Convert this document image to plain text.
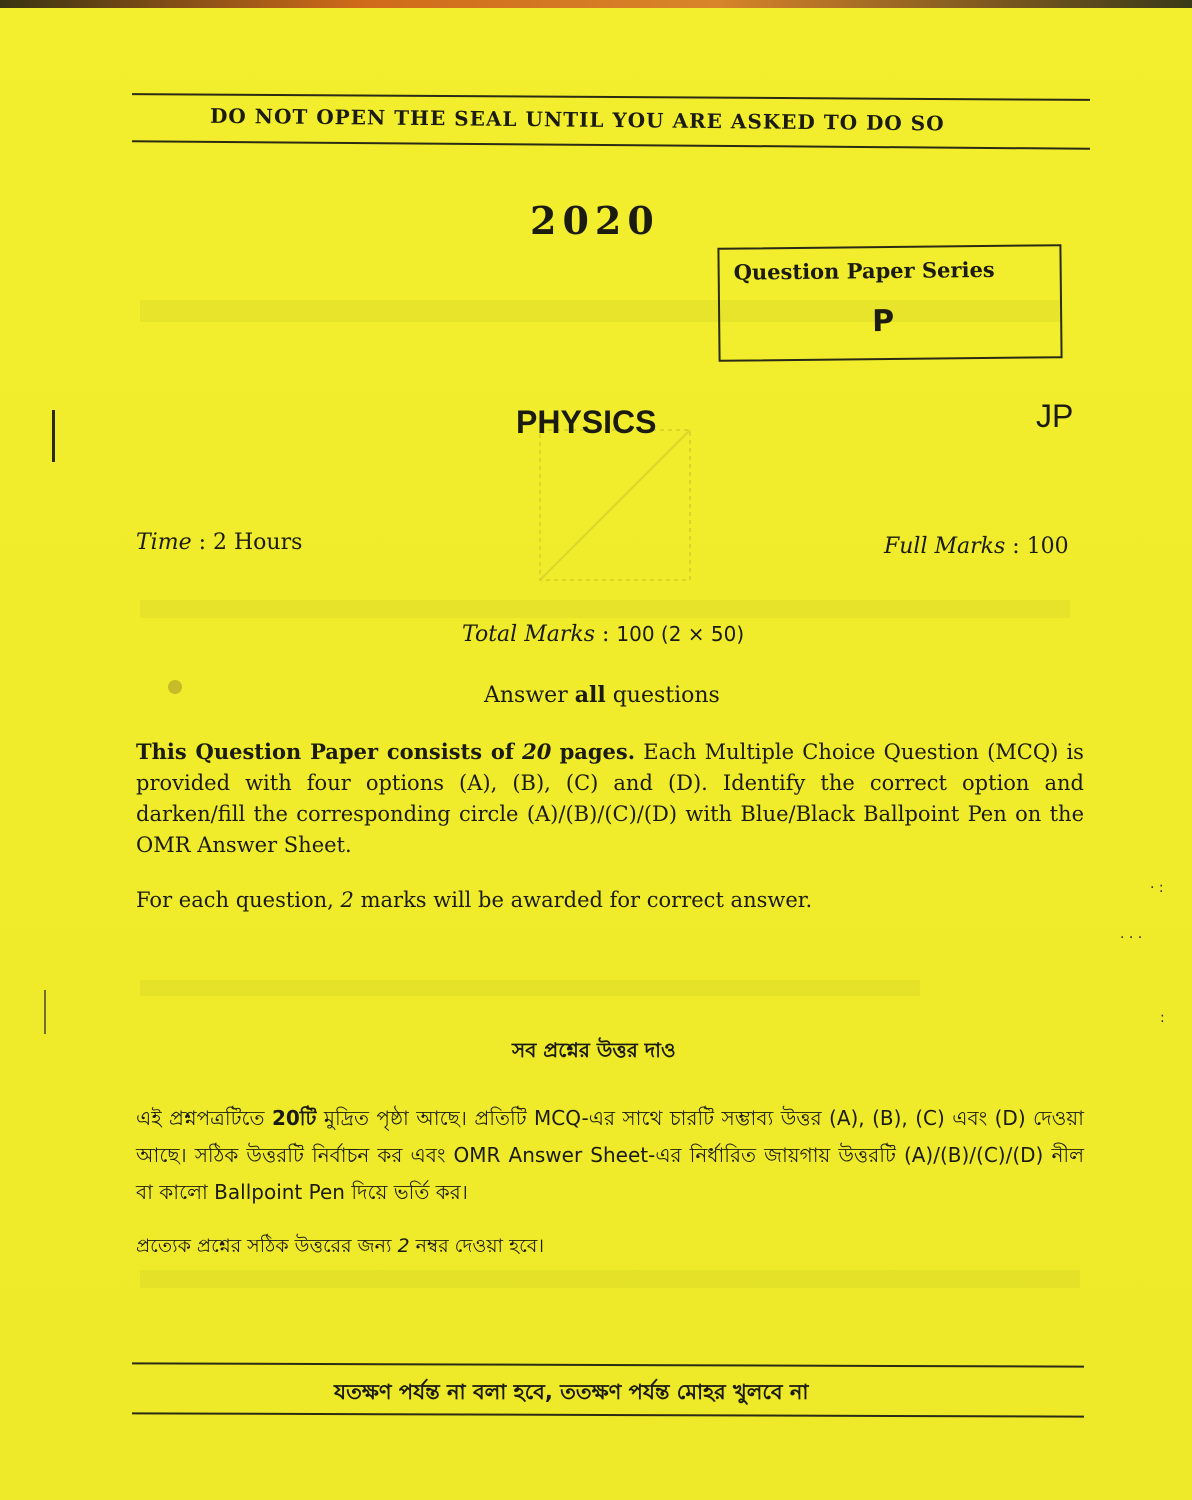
DO NOT OPEN THE SEAL UNTIL YOU ARE ASKED TO DO SO
2020
Question Paper Series
P
PHYSICS	JP
Time : 2 Hours	Full Marks : 100
Total Marks : 100 (2 × 50)
Answer all questions
This Question Paper consists of 20 pages. Each Multiple Choice Question (MCQ) is provided with four options (A), (B), (C) and (D). Identify the correct option and darken/fill the corresponding circle (A)/(B)/(C)/(D) with Blue/Black Ballpoint Pen on the OMR Answer Sheet.
For each question, 2 marks will be awarded for correct answer.
সব প্রশ্নের উত্তর দাও
এই প্রশ্নপত্রটিতে 20টি মুদ্রিত পৃষ্ঠা আছে। প্রতিটি MCQ-এর সাথে চারটি সম্ভাব্য উত্তর (A), (B), (C) এবং (D) দেওয়া আছে। সঠিক উত্তরটি নির্বাচন কর এবং OMR Answer Sheet-এর নির্ধারিত জায়গায় উত্তরটি (A)/(B)/(C)/(D) নীল বা কালো Ballpoint Pen দিয়ে ভর্তি কর।
প্রত্যেক প্রশ্নের সঠিক উত্তরের জন্য 2 নম্বর দেওয়া হবে।
যতক্ষণ পর্যন্ত না বলা হবে, ততক্ষণ পর্যন্ত মোহর খুলবে না
· :
· · ·
:
